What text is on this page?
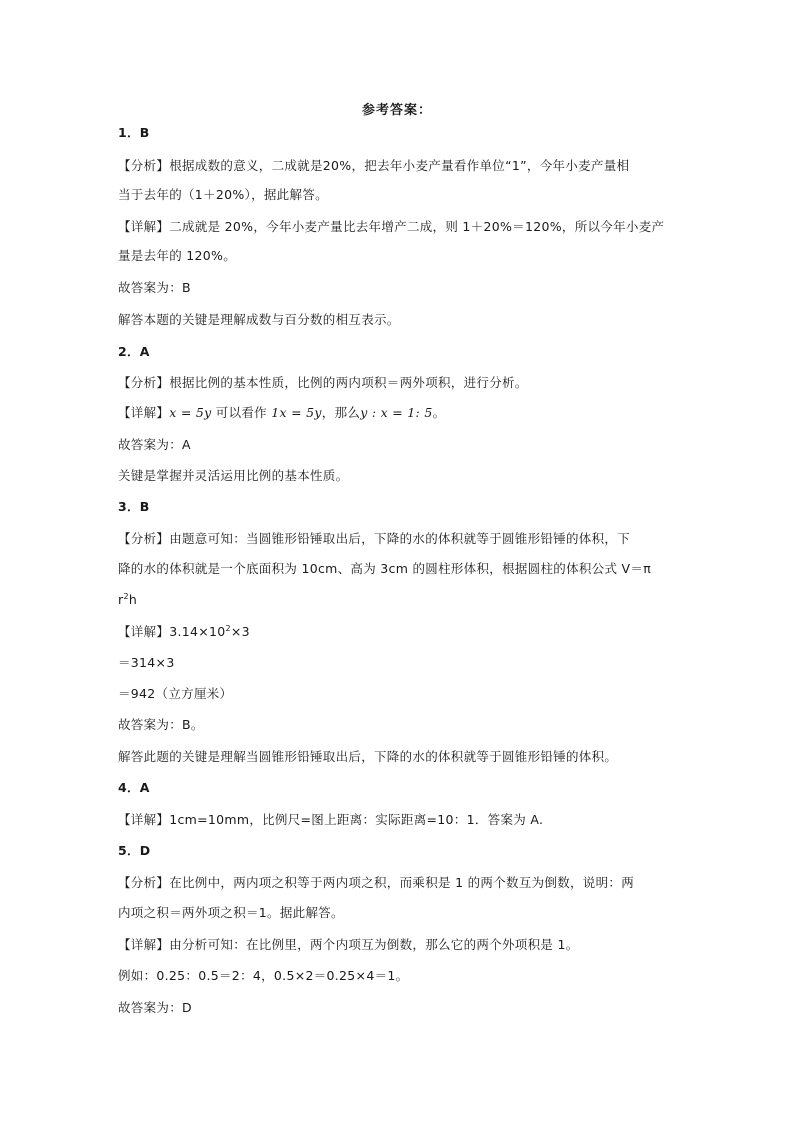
参考答案：
1．B
【分析】根据成数的意义，二成就是20%，把去年小麦产量看作单位“1”，今年小麦产量相
当于去年的（1＋20%），据此解答。
【详解】二成就是 20%，今年小麦产量比去年增产二成，则 1＋20%＝120%，所以今年小麦产
量是去年的 120%。
故答案为：B
解答本题的关键是理解成数与百分数的相互表示。
2．A
【分析】根据比例的基本性质，比例的两内项积＝两外项积，进行分析。
【详解】x = 5y 可以看作 1x = 5y，那么y : x = 1: 5。
故答案为：A
关键是掌握并灵活运用比例的基本性质。
3．B
【分析】由题意可知：当圆锥形铅锤取出后，下降的水的体积就等于圆锥形铅锤的体积，下
降的水的体积就是一个底面积为 10cm、高为 3cm 的圆柱形体积，根据圆柱的体积公式 V＝π
$r^2h$
【详解】$3.14\times 10^2\times 3$
＝314×3
＝942（立方厘米）
故答案为：B。
解答此题的关键是理解当圆锥形铅锤取出后，下降的水的体积就等于圆锥形铅锤的体积。
4．A
【详解】1cm=10mm，比例尺=图上距离：实际距离=10：1．答案为 A.
5．D
【分析】在比例中，两内项之积等于两内项之积，而乘积是 1 的两个数互为倒数，说明：两
内项之积＝两外项之积＝1。据此解答。
【详解】由分析可知：在比例里，两个内项互为倒数，那么它的两个外项积是 1。
例如：0.25：0.5＝2：4，0.5×2＝0.25×4＝1。
故答案为：D
